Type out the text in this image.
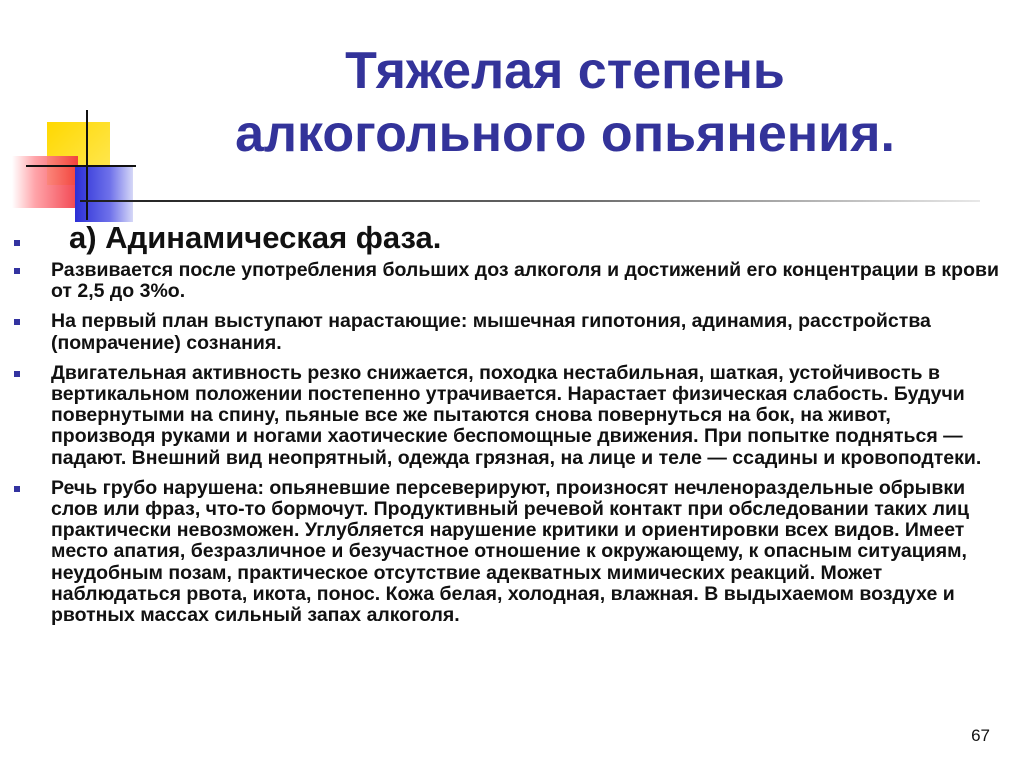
Тяжелая степень
алкогольного опьянения.
а) Адинамическая фаза.
Развивается после употребления больших доз алкоголя и достижений его концентрации в крови от 2,5 до 3%о.
На первый план выступают нарастающие: мышечная гипотония, адинамия, расстройства (помрачение) сознания.
Двигательная активность резко снижается, походка нестабильная, шаткая, устойчивость в вертикальном положении постепенно утрачивается. Нарастает физическая слабость. Будучи повернутыми на спину, пьяные все же пытаются снова повернуться на бок, на живот, производя руками и ногами хаотические беспомощные движения. При попытке подняться — падают. Внешний вид неопрятный, одежда грязная, на лице и теле — ссадины и кровоподтеки.
Речь грубо нарушена: опьяневшие персеверируют, произносят нечленораздельные обрывки слов или фраз, что-то бормочут. Продуктивный речевой контакт при обследовании таких лиц практически невозможен. Углубляется нарушение критики и ориентировки всех видов. Имеет место апатия, безразличное и безучастное отношение к окружающему, к опасным ситуациям, неудобным позам, практическое отсутствие адекватных мимических реакций. Может наблюдаться рвота, икота, понос. Кожа белая, холодная, влажная. В выдыхаемом воздухе и рвотных массах сильный запах алкоголя.
67
